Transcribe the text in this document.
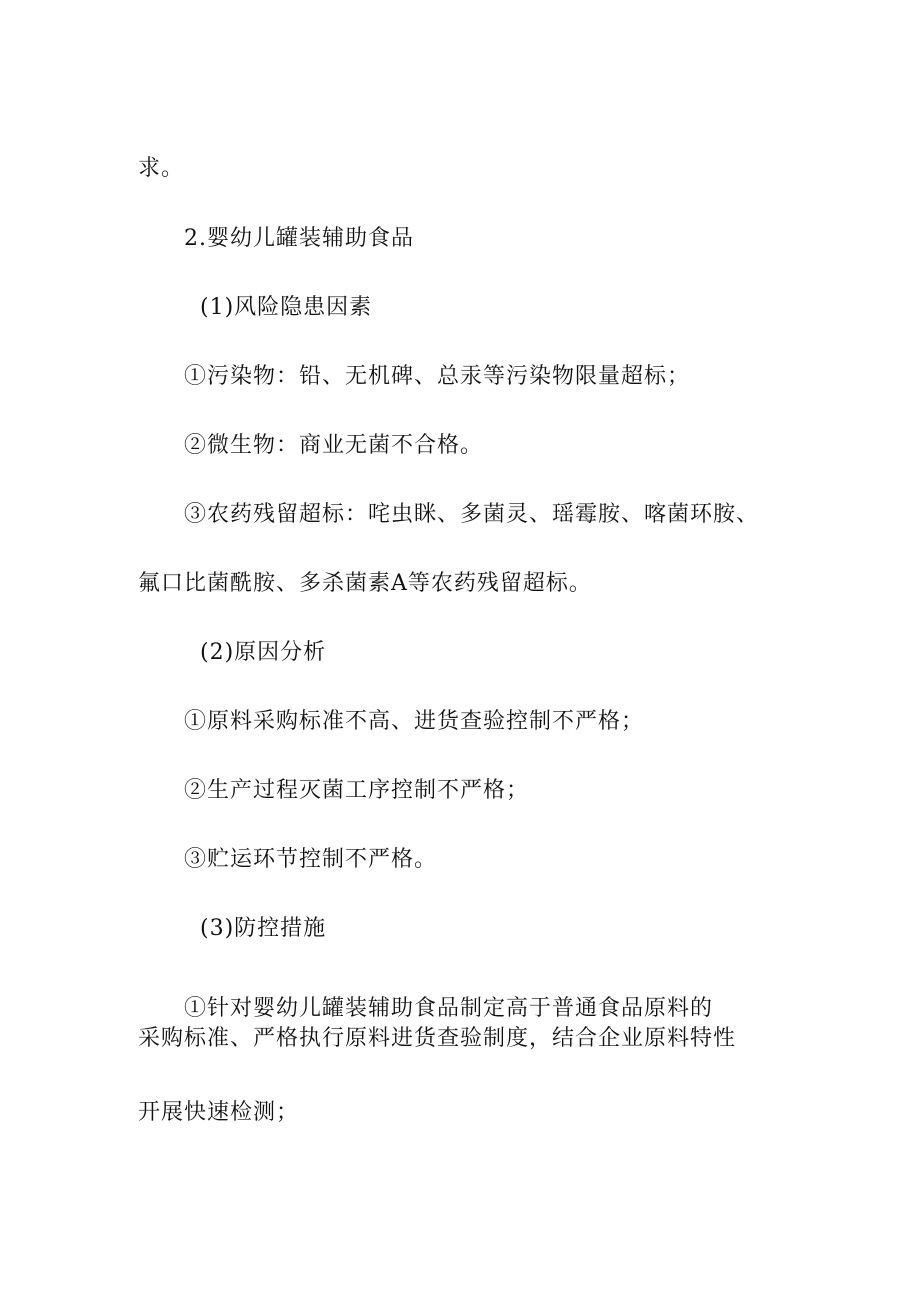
求。

2.婴幼儿罐装辅助食品

(1)风险隐患因素

①污染物：铅、无机碑、总汞等污染物限量超标；

②微生物：商业无菌不合格。

③农药残留超标：咤虫眯、多菌灵、瑶霉胺、喀菌环胺、

氟口比菌酰胺、多杀菌素A等农药残留超标。

(2)原因分析

①原料采购标准不高、进货查验控制不严格；

②生产过程灭菌工序控制不严格；

③贮运环节控制不严格。

(3)防控措施

①针对婴幼儿罐装辅助食品制定高于普通食品原料的

采购标准、严格执行原料进货查验制度，结合企业原料特性

开展快速检测；
